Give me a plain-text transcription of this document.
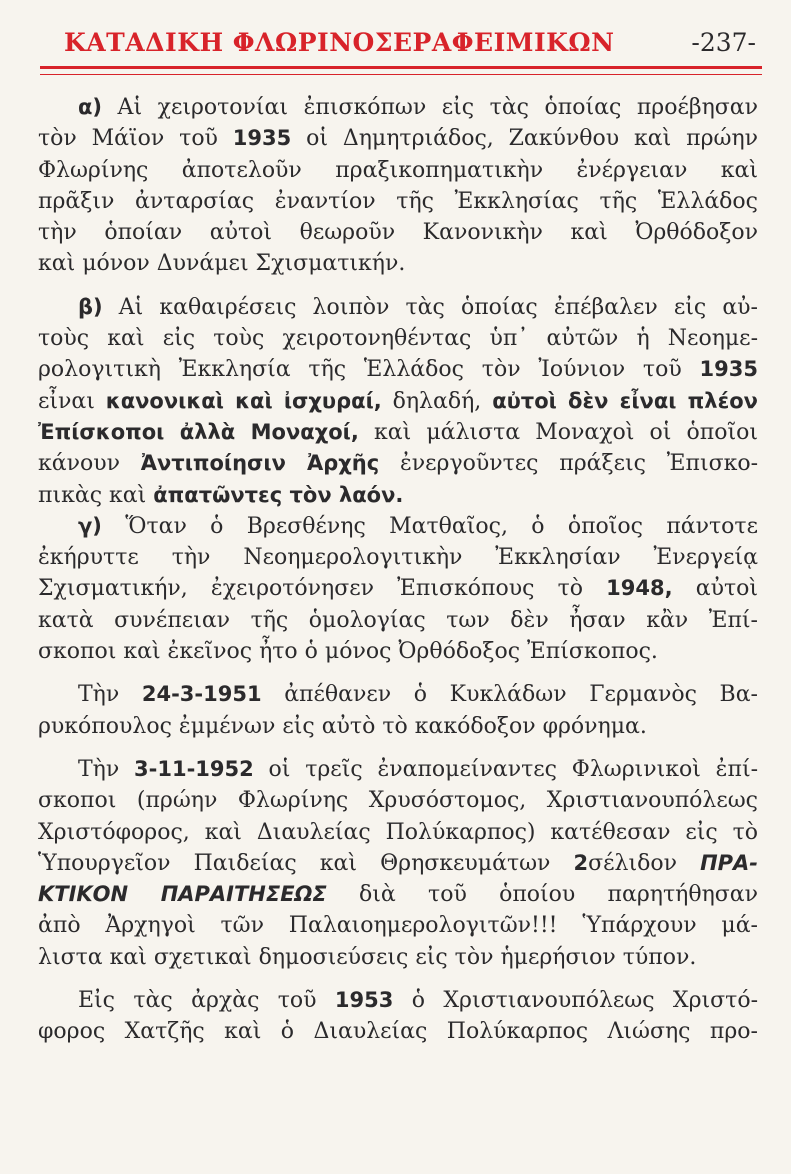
ΚΑΤΑΔΙΚΗ ΦΛΩΡΙΝΟΣΕΡΑΦΕΙΜΙΚΩΝ	-237-
α) Αἱ χειροτονίαι ἐπισκόπων εἰς τὰς ὁποίας προέβησαν
τὸν Μάϊον τοῦ 1935 οἱ Δημητριάδος, Ζακύνθου καὶ πρώην
Φλωρίνης ἀποτελοῦν πραξικοπηματικὴν ἐνέργειαν καὶ
πρᾶξιν ἀνταρσίας ἐναντίον τῆς Ἐκκλησίας τῆς Ἑλλάδος
τὴν ὁποίαν αὐτοὶ θεωροῦν Κανονικὴν καὶ Ὀρθόδοξον
καὶ μόνον Δυνάμει Σχισματικήν.
β) Αἱ καθαιρέσεις λοιπὸν τὰς ὁποίας ἐπέβαλεν εἰς αὐ-
τοὺς καὶ εἰς τοὺς χειροτονηθέντας ὑπ᾽ αὐτῶν ἡ Νεοημε-
ρολογιτικὴ Ἐκκλησία τῆς Ἑλλάδος τὸν Ἰούνιον τοῦ 1935
εἶναι κανονικαὶ καὶ ἰσχυραί, δηλαδή, αὐτοὶ δὲν εἶναι πλέον
Ἐπίσκοποι ἀλλὰ Μοναχοί, καὶ μάλιστα Μοναχοὶ οἱ ὁποῖοι
κάνουν Ἀντιποίησιν Ἀρχῆς ἐνεργοῦντες πράξεις Ἐπισκο-
πικὰς καὶ ἀπατῶντες τὸν λαόν.
γ) Ὅταν ὁ Βρεσθένης Ματθαῖος, ὁ ὁποῖος πάντοτε
ἐκήρυττε τὴν Νεοημερολογιτικὴν Ἐκκλησίαν Ἐνεργείᾳ
Σχισματικήν, ἐχειροτόνησεν Ἐπισκόπους τὸ 1948, αὐτοὶ
κατὰ συνέπειαν τῆς ὁμολογίας των δὲν ἦσαν κἂν Ἐπί-
σκοποι καὶ ἐκεῖνος ἦτο ὁ μόνος Ὀρθόδοξος Ἐπίσκοπος.
Τὴν 24-3-1951 ἀπέθανεν ὁ Κυκλάδων Γερμανὸς Βα-
ρυκόπουλος ἐμμένων εἰς αὐτὸ τὸ κακόδοξον φρόνημα.
Τὴν 3-11-1952 οἱ τρεῖς ἐναπομείναντες Φλωρινικοὶ ἐπί-
σκοποι (πρώην Φλωρίνης Χρυσόστομος, Χριστιανουπόλεως
Χριστόφορος, καὶ Διαυλείας Πολύκαρπος) κατέθεσαν εἰς τὸ
Ὑπουργεῖον Παιδείας καὶ Θρησκευμάτων 2σέλιδον ΠΡΑ-
ΚΤΙΚΟΝ ΠΑΡΑΙΤΗΣΕΩΣ διὰ τοῦ ὁποίου παρητήθησαν
ἀπὸ Ἀρχηγοὶ τῶν Παλαιοημερολογιτῶν!!! Ὑπάρχουν μά-
λιστα καὶ σχετικαὶ δημοσιεύσεις εἰς τὸν ἡμερήσιον τύπον.
Εἰς τὰς ἀρχὰς τοῦ 1953 ὁ Χριστιανουπόλεως Χριστό-
φορος Χατζῆς καὶ ὁ Διαυλείας Πολύκαρπος Λιώσης προ-
